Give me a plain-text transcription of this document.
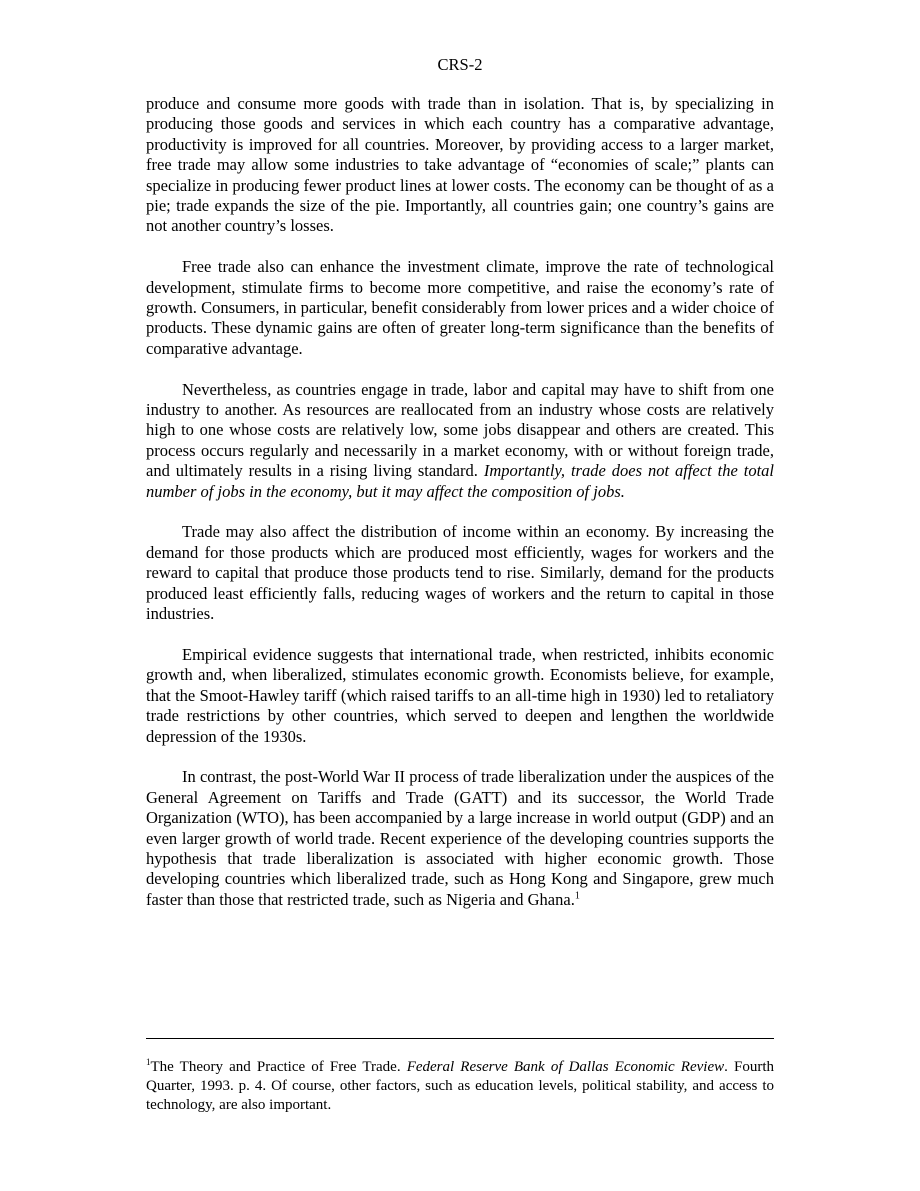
CRS-2

produce and consume more goods with trade than in isolation. That is, by specializing in producing those goods and services in which each country has a comparative advantage, productivity is improved for all countries. Moreover, by providing access to a larger market, free trade may allow some industries to take advantage of “economies of scale;” plants can specialize in producing fewer product lines at lower costs. The economy can be thought of as a pie; trade expands the size of the pie. Importantly, all countries gain; one country’s gains are not another country’s losses.

Free trade also can enhance the investment climate, improve the rate of technological development, stimulate firms to become more competitive, and raise the economy’s rate of growth. Consumers, in particular, benefit considerably from lower prices and a wider choice of products. These dynamic gains are often of greater long-term significance than the benefits of comparative advantage.

Nevertheless, as countries engage in trade, labor and capital may have to shift from one industry to another. As resources are reallocated from an industry whose costs are relatively high to one whose costs are relatively low, some jobs disappear and others are created. This process occurs regularly and necessarily in a market economy, with or without foreign trade, and ultimately results in a rising living standard. Importantly, trade does not affect the total number of jobs in the economy, but it may affect the composition of jobs.

Trade may also affect the distribution of income within an economy. By increasing the demand for those products which are produced most efficiently, wages for workers and the reward to capital that produce those products tend to rise. Similarly, demand for the products produced least efficiently falls, reducing wages of workers and the return to capital in those industries.

Empirical evidence suggests that international trade, when restricted, inhibits economic growth and, when liberalized, stimulates economic growth. Economists believe, for example, that the Smoot-Hawley tariff (which raised tariffs to an all-time high in 1930) led to retaliatory trade restrictions by other countries, which served to deepen and lengthen the worldwide depression of the 1930s.

In contrast, the post-World War II process of trade liberalization under the auspices of the General Agreement on Tariffs and Trade (GATT) and its successor, the World Trade Organization (WTO), has been accompanied by a large increase in world output (GDP) and an even larger growth of world trade. Recent experience of the developing countries supports the hypothesis that trade liberalization is associated with higher economic growth. Those developing countries which liberalized trade, such as Hong Kong and Singapore, grew much faster than those that restricted trade, such as Nigeria and Ghana.$^1$

$^1$The Theory and Practice of Free Trade. Federal Reserve Bank of Dallas Economic Review. Fourth Quarter, 1993. p. 4. Of course, other factors, such as education levels, political stability, and access to technology, are also important.
